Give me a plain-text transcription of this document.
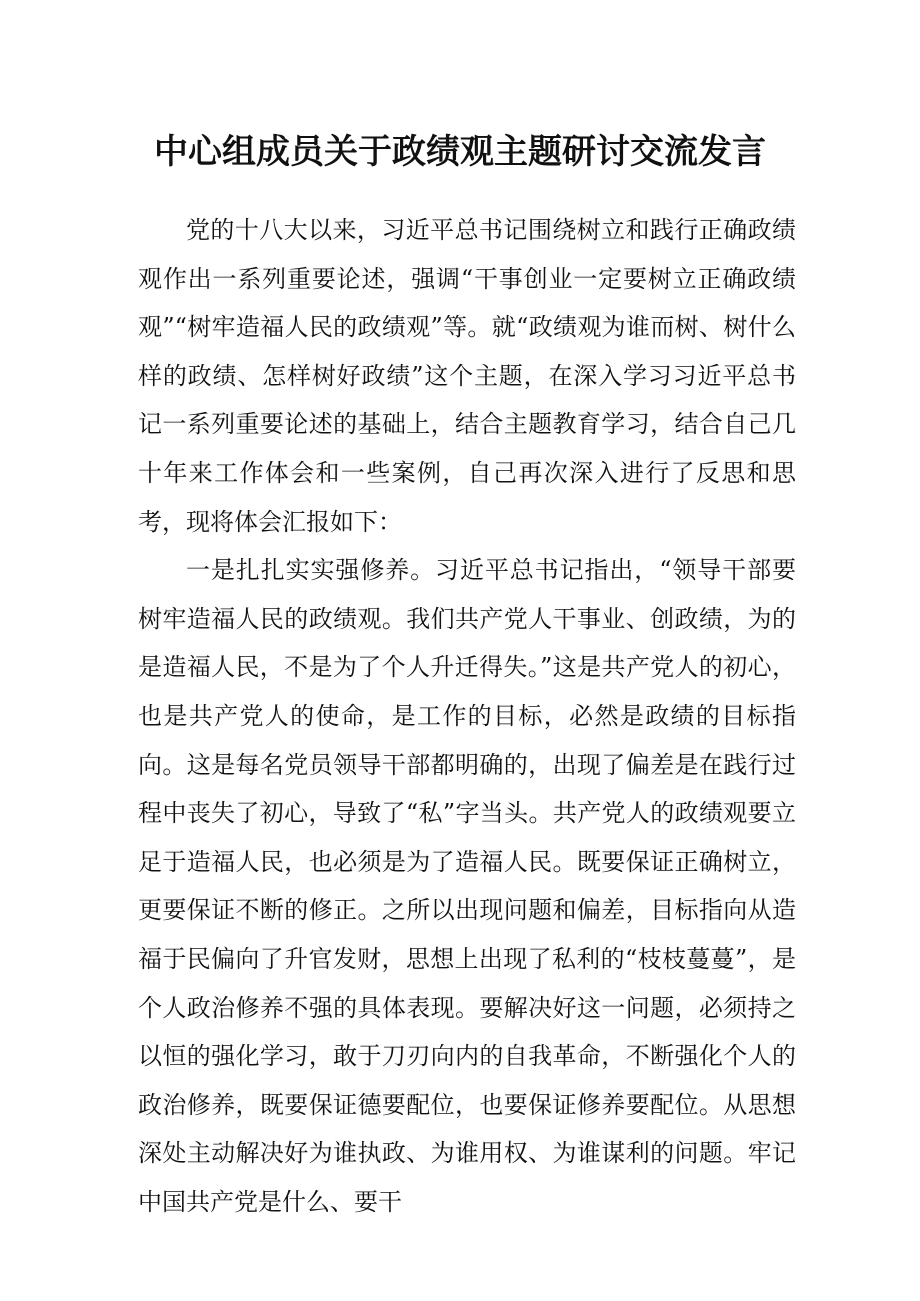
中心组成员关于政绩观主题研讨交流发言

党的十八大以来，习近平总书记围绕树立和践行正确政绩观作出一系列重要论述，强调“干事创业一定要树立正确政绩观”“树牢造福人民的政绩观”等。就“政绩观为谁而树、树什么样的政绩、怎样树好政绩”这个主题，在深入学习习近平总书记一系列重要论述的基础上，结合主题教育学习，结合自己几十年来工作体会和一些案例，自己再次深入进行了反思和思考，现将体会汇报如下：

一是扎扎实实强修养。习近平总书记指出，“领导干部要树牢造福人民的政绩观。我们共产党人干事业、创政绩，为的是造福人民，不是为了个人升迁得失。”这是共产党人的初心，也是共产党人的使命，是工作的目标，必然是政绩的目标指向。这是每名党员领导干部都明确的，出现了偏差是在践行过程中丧失了初心，导致了“私”字当头。共产党人的政绩观要立足于造福人民，也必须是为了造福人民。既要保证正确树立，更要保证不断的修正。之所以出现问题和偏差，目标指向从造福于民偏向了升官发财，思想上出现了私利的“枝枝蔓蔓”，是个人政治修养不强的具体表现。要解决好这一问题，必须持之以恒的强化学习，敢于刀刃向内的自我革命，不断强化个人的政治修养，既要保证德要配位，也要保证修养要配位。从思想深处主动解决好为谁执政、为谁用权、为谁谋利的问题。牢记中国共产党是什么、要干
